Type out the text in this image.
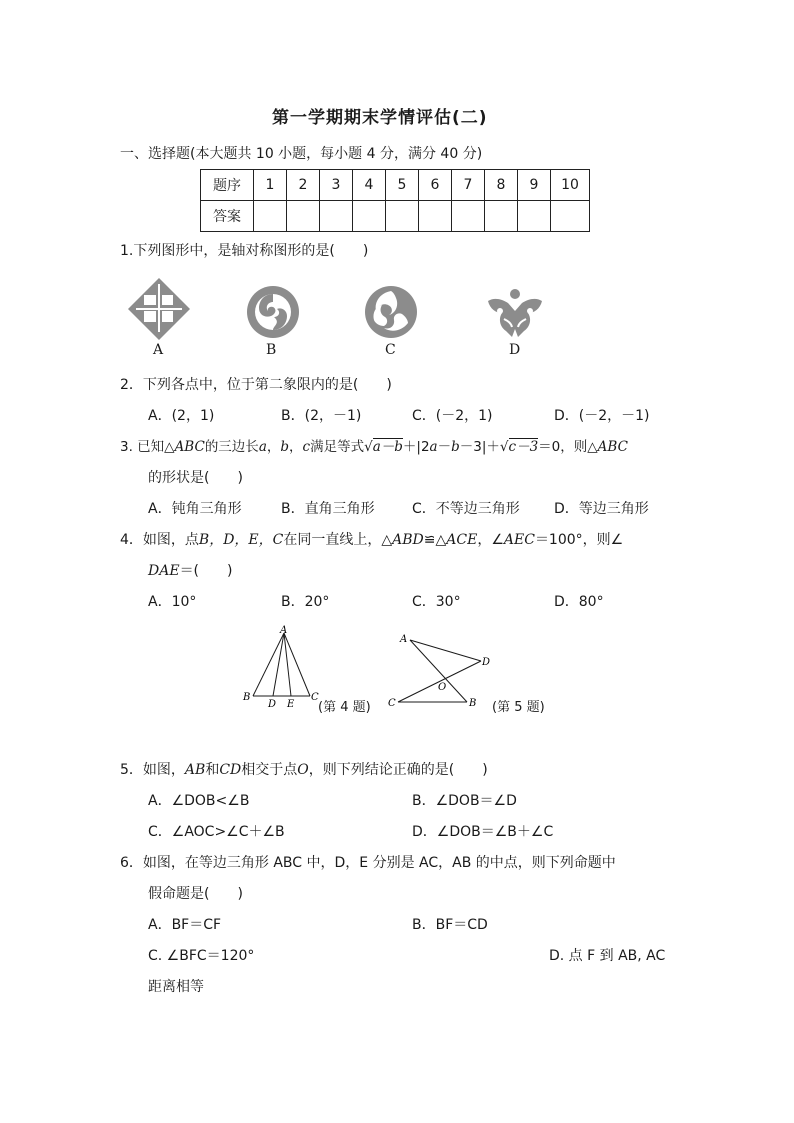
第一学期期末学情评估(二)
一、选择题(本大题共 10 小题，每小题 4 分，满分 40 分)
题序	1	2	3	4	5	6	7	8	9	10
答案										
1.下列图形中，是轴对称图形的是(　　)
A	B	C	D
2．下列各点中，位于第二象限内的是(　　)
A．(2，1)	B．(2，－1)	C．(－2，1)	D．(－2，－1)
3. 已知△ABC的三边长a，b，c满足等式√a－b＋|2a－b－3|＋√c－3＝0，则△ABC
的形状是(　　)
A．钝角三角形	B．直角三角形	C．不等边三角形 D．等边三角形
4．如图，点B，D，E，C在同一直线上，△ABD≌△ACE，∠AEC＝100°，则∠
DAE＝(　　)
A．10°	B．20°	C．30°	D．80°
A
B
D E
C
(第 4 题)
A
D
O
C	B (第 5 题)
5．如图，AB和CD相交于点O，则下列结论正确的是(　　)
A．∠DOB<∠B	B．∠DOB＝∠D
C．∠AOC>∠C＋∠B	D．∠DOB＝∠B＋∠C
6．如图，在等边三角形 ABC 中，D，E 分别是 AC，AB 的中点，则下列命题中
假命题是(　　)
A．BF＝CF	B．BF＝CD
C. ∠BFC＝120°	D. 点 F 到 AB, AC
距离相等
